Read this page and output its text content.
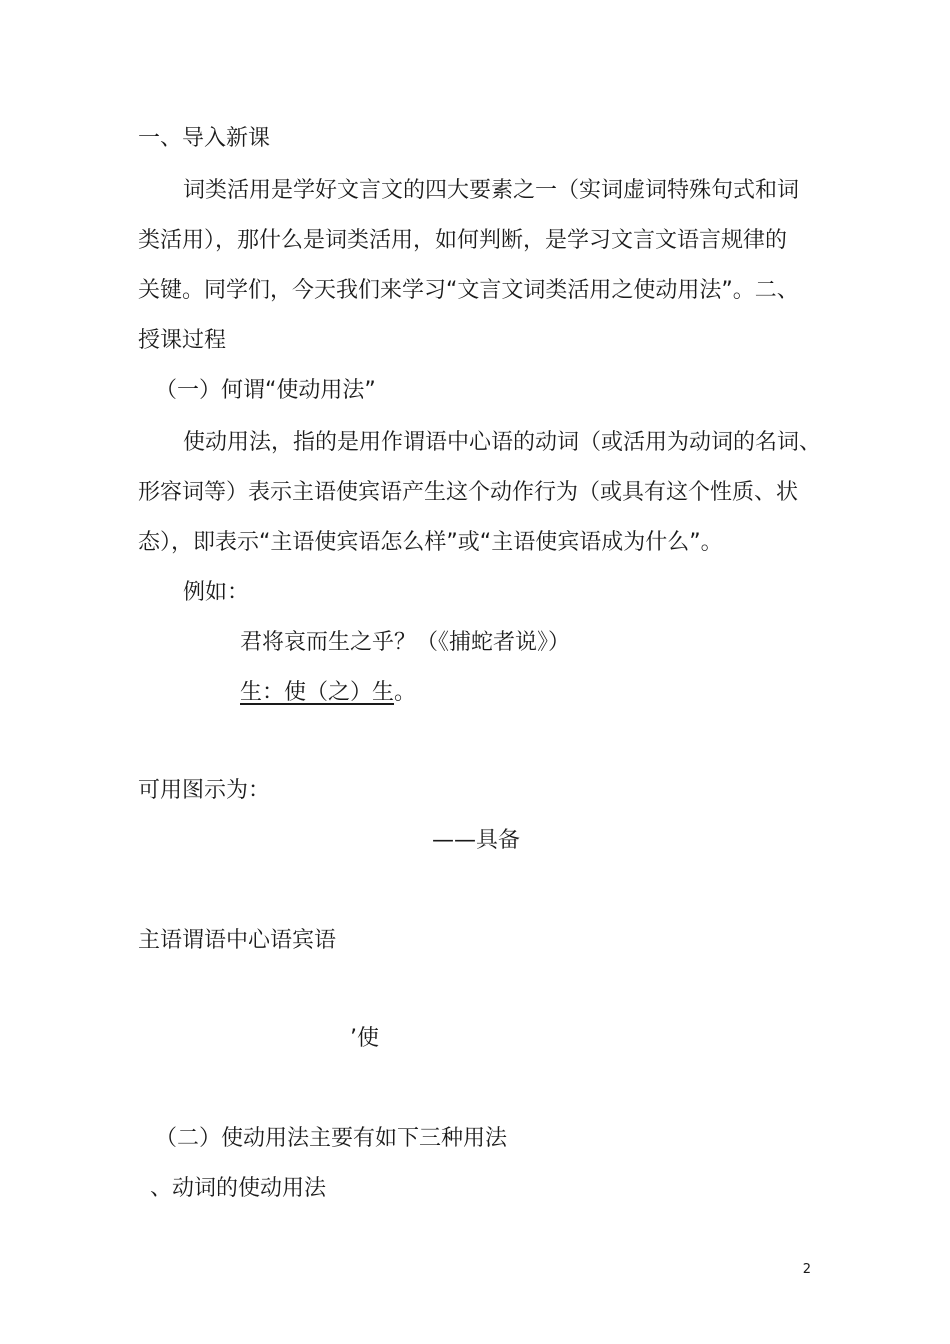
一、导入新课
词类活用是学好文言文的四大要素之一（实词虚词特殊句式和词
类活用），那什么是词类活用，如何判断，是学习文言文语言规律的
关键。同学们，今天我们来学习“文言文词类活用之使动用法”。二、
授课过程
（一）何谓“使动用法”
使动用法，指的是用作谓语中心语的动词（或活用为动词的名词、
形容词等）表示主语使宾语产生这个动作行为（或具有这个性质、状
态），即表示“主语使宾语怎么样”或“主语使宾语成为什么”。
例如：
君将哀而生之乎？（《捕蛇者说》）
生：使（之）生。
可用图示为：
——具备
主语谓语中心语宾语
’使
（二）使动用法主要有如下三种用法
、动词的使动用法
2
